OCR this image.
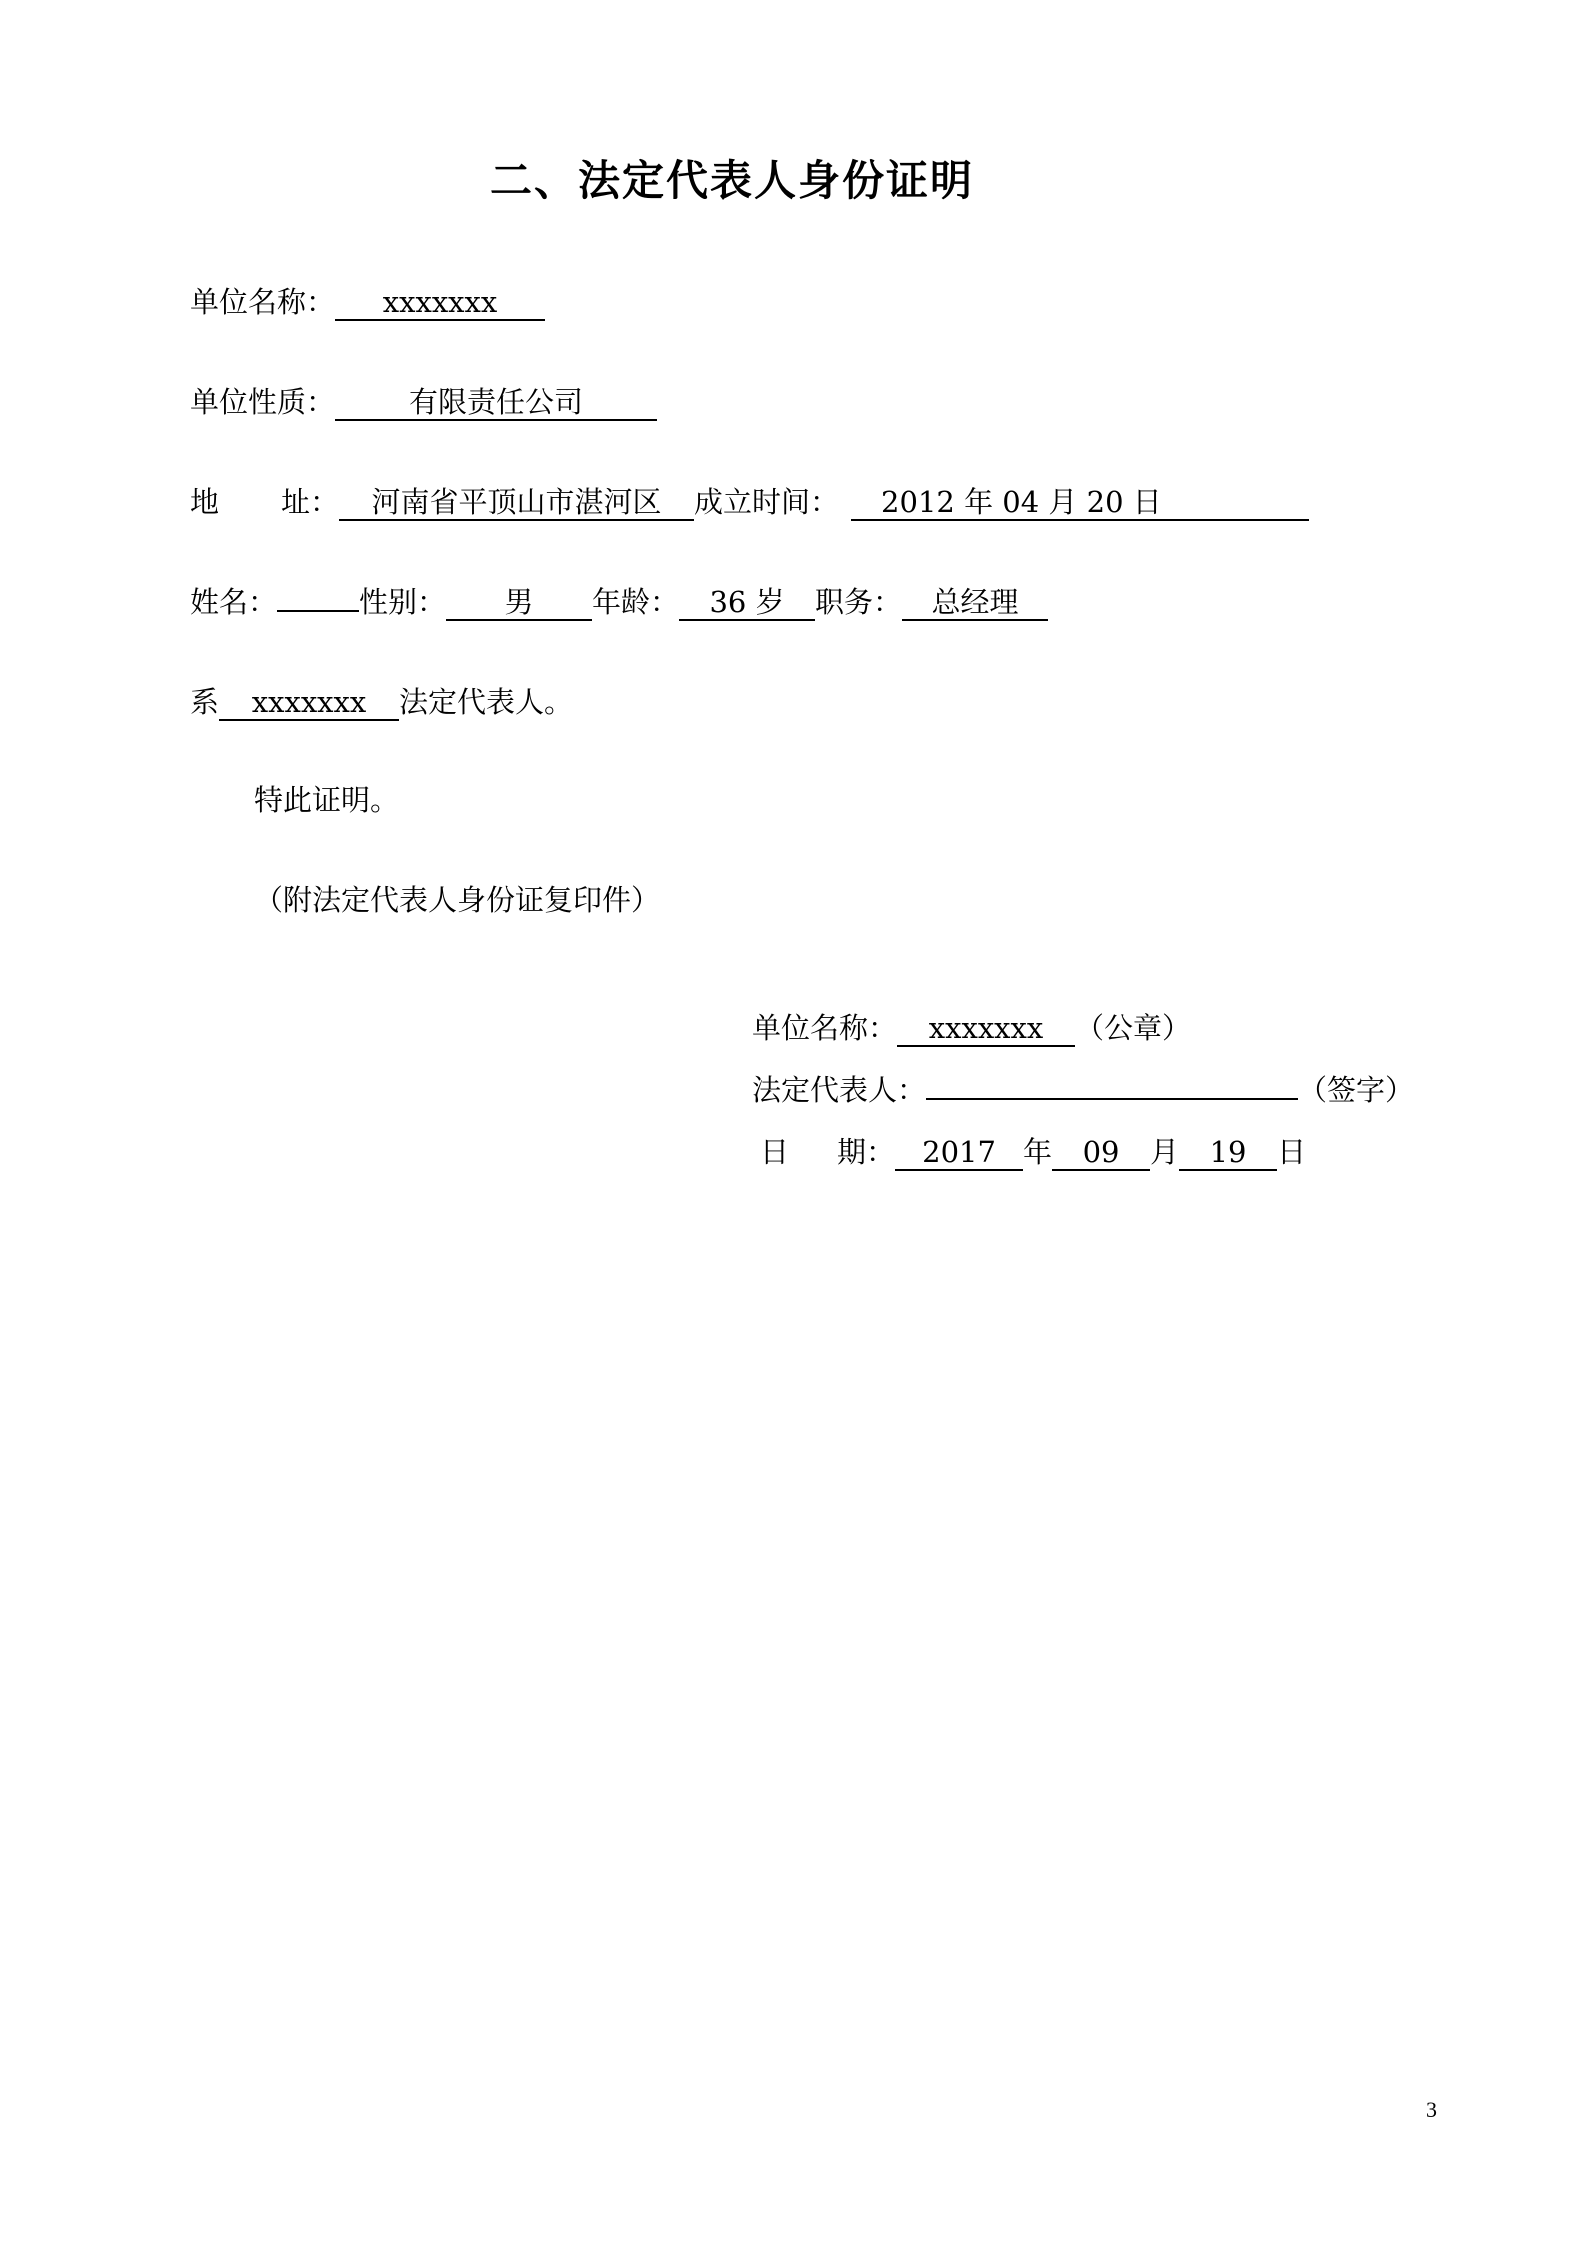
二、法定代表人身份证明
单位名称： xxxxxxx
单位性质：	有限责任公司
地 址： 河南省平顶山市湛河区 成立时间： 2012 年 04 月 20 日
姓名：	性别： 男 年龄： 36 岁 职务： 总经理
系 xxxxxxx 法定代表人。
特此证明。
（附法定代表人身份证复印件）
单位名称： xxxxxxx （公章）
法定代表人：	（签字）
日 期： 2017 年 09 月 19 日
3
